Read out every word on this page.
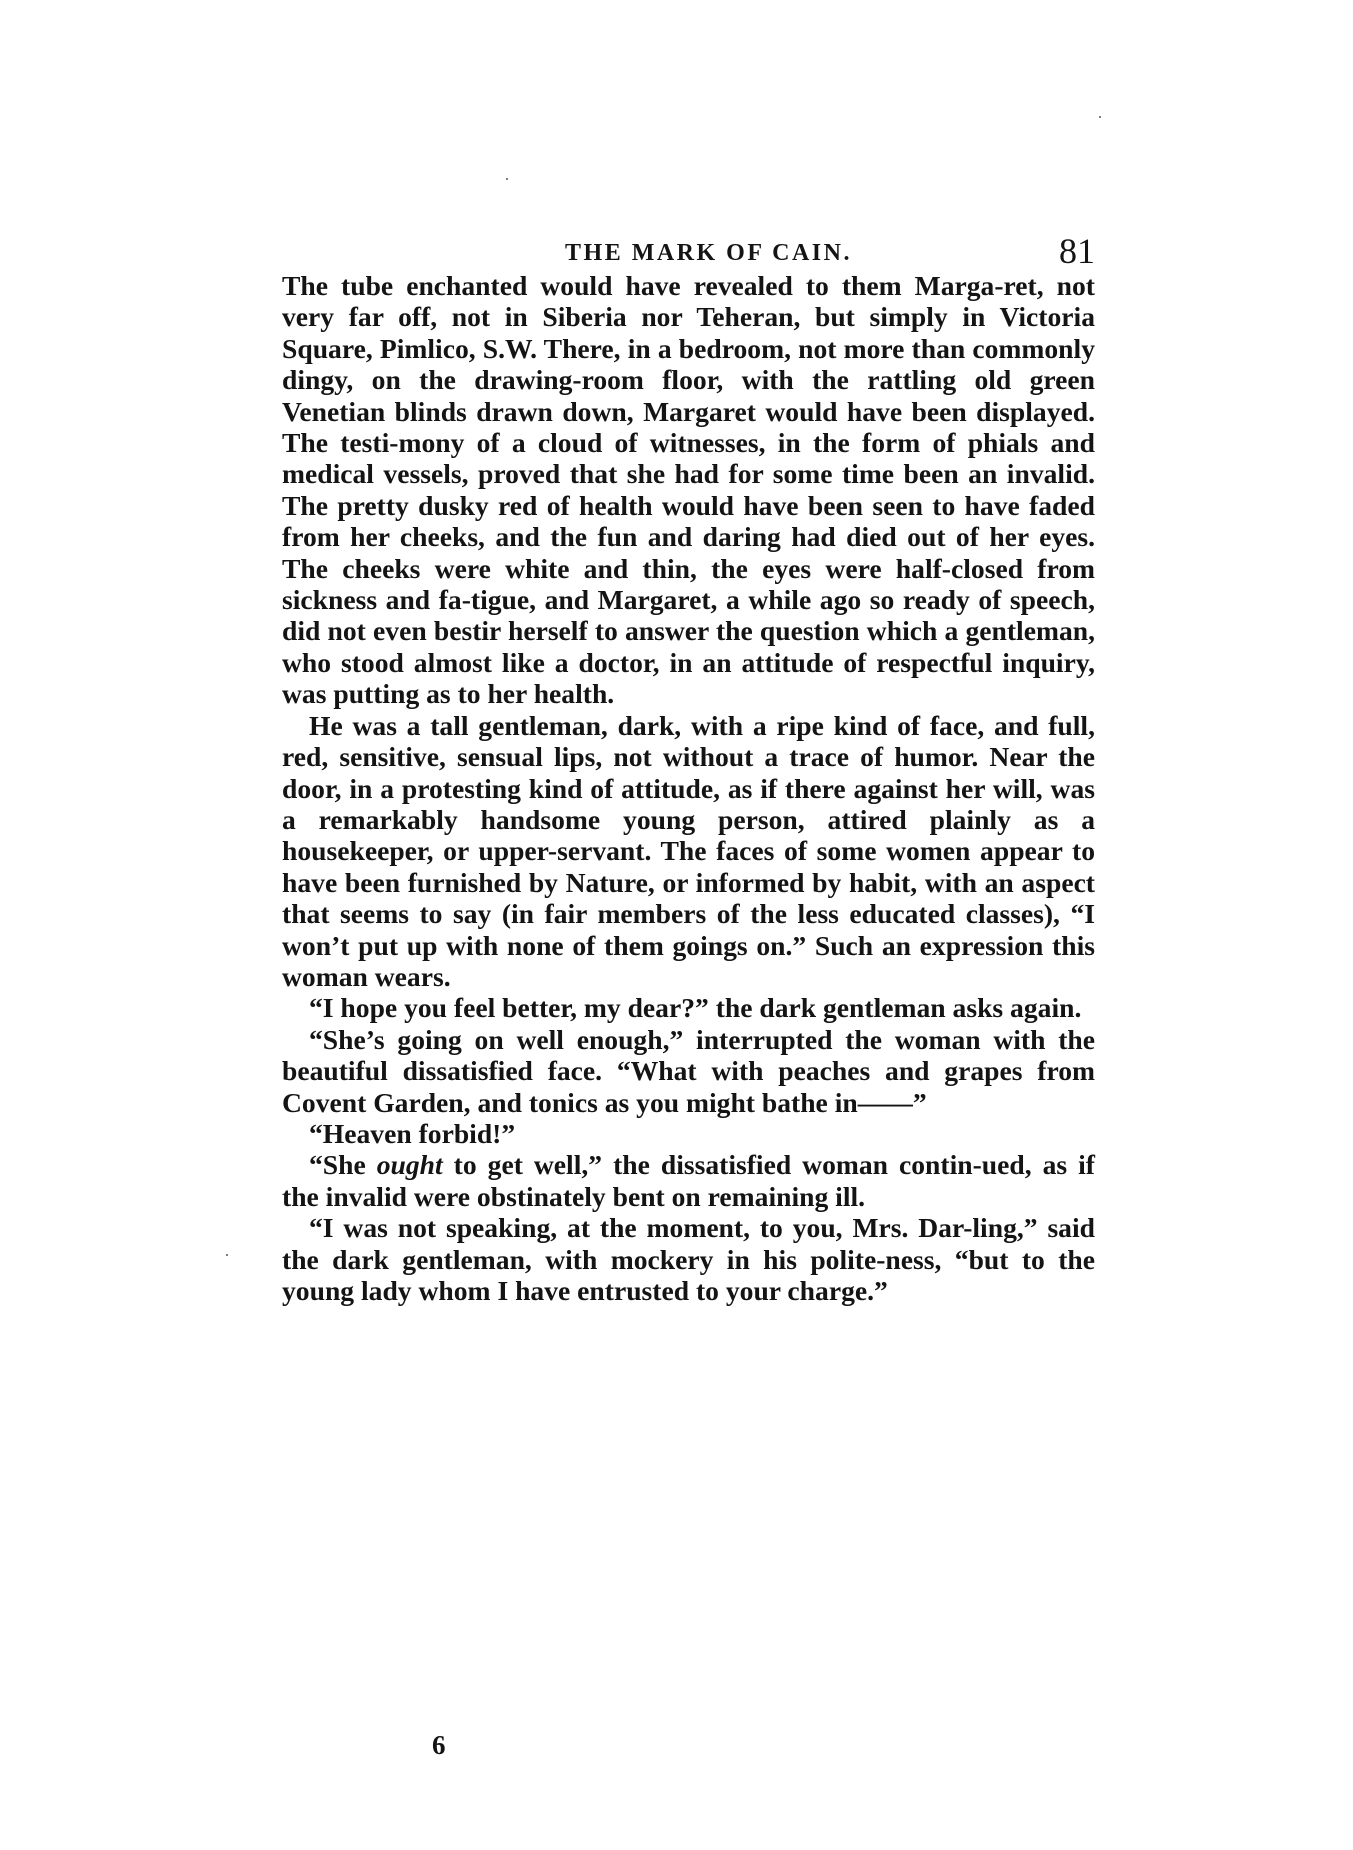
THE MARK OF CAIN.	81

The tube enchanted would have revealed to them Marga-ret, not very far off, not in Siberia nor Teheran, but simply in Victoria Square, Pimlico, S.W. There, in a bedroom, not more than commonly dingy, on the drawing-room floor, with the rattling old green Venetian blinds drawn down, Margaret would have been displayed. The testi-mony of a cloud of witnesses, in the form of phials and medical vessels, proved that she had for some time been an invalid. The pretty dusky red of health would have been seen to have faded from her cheeks, and the fun and daring had died out of her eyes. The cheeks were white and thin, the eyes were half-closed from sickness and fa-tigue, and Margaret, a while ago so ready of speech, did not even bestir herself to answer the question which a gentleman, who stood almost like a doctor, in an attitude of respectful inquiry, was putting as to her health.

He was a tall gentleman, dark, with a ripe kind of face, and full, red, sensitive, sensual lips, not without a trace of humor. Near the door, in a protesting kind of attitude, as if there against her will, was a remarkably handsome young person, attired plainly as a housekeeper, or upper-servant. The faces of some women appear to have been furnished by Nature, or informed by habit, with an aspect that seems to say (in fair members of the less educated classes), “I won’t put up with none of them goings on.” Such an expression this woman wears.

“I hope you feel better, my dear?” the dark gentleman asks again.

“She’s going on well enough,” interrupted the woman with the beautiful dissatisfied face. “What with peaches and grapes from Covent Garden, and tonics as you might bathe in——”

“Heaven forbid!”

“She ought to get well,” the dissatisfied woman contin-ued, as if the invalid were obstinately bent on remaining ill.

“I was not speaking, at the moment, to you, Mrs. Dar-ling,” said the dark gentleman, with mockery in his polite-ness, “but to the young lady whom I have entrusted to your charge.”

6
